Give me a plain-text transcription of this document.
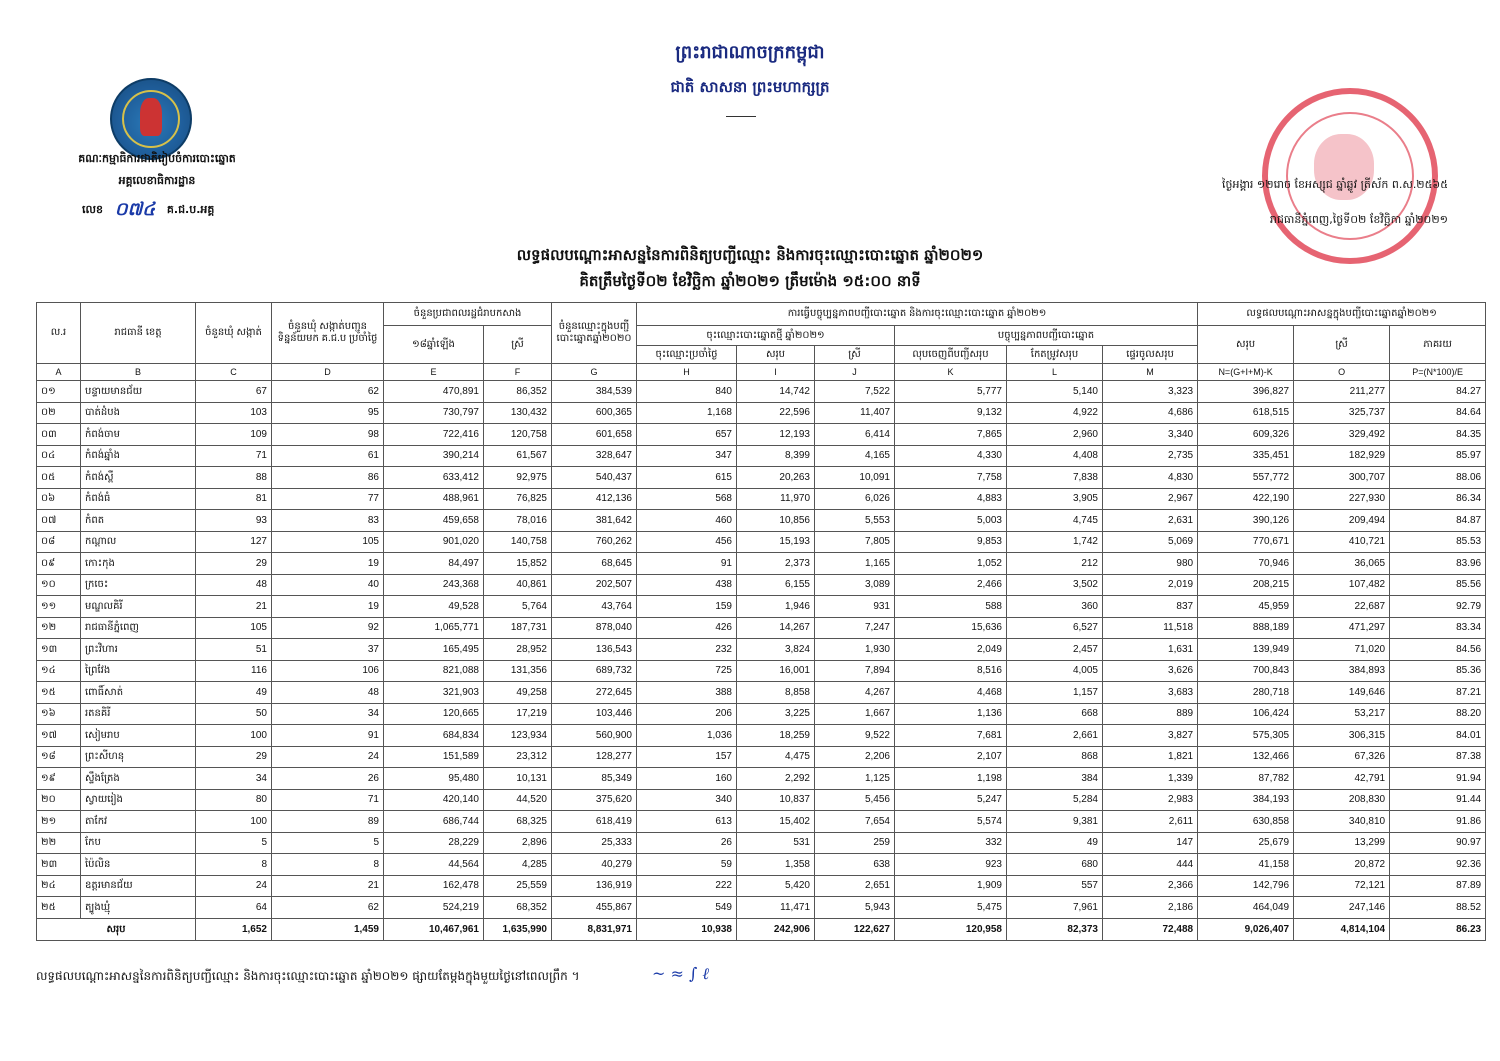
ព្រះរាជាណាចក្រកម្ពុជា
ជាតិ សាសនា ព្រះមហាក្សត្រ
គណៈកម្មាធិការជាតិរៀបចំការបោះឆ្នោត
អគ្គលេខាធិការដ្ឋាន
លេខ ០៧៤ គ.ជ.ប.អគ្គ
ថ្ងៃអង្គារ ១២រោច ខែអស្សុជ ឆ្នាំឆ្លូវ ត្រីស័ក ព.ស.២៥៦៥
រាជធានីភ្នំពេញ,ថ្ងៃទី០២ ខែវិច្ឆិកា ឆ្នាំ២០២១
លទ្ធផលបណ្ដោះអាសន្ននៃការពិនិត្យបញ្ជីឈ្មោះ និងការចុះឈ្មោះបោះឆ្នោត ឆ្នាំ២០២១
គិតត្រឹមថ្ងៃទី០២ ខែវិច្ឆិកា ឆ្នាំ២០២១ ត្រឹមម៉ោង ១៥:០០ នាទី
ល.រ	រាជធានី ខេត្ត	ចំនួនឃុំ សង្កាត់	ចំនួនឃុំ សង្កាត់បញ្ជូនទិន្នន័យមក គ.ជ.ប ប្រចាំថ្ងៃ	ចំនួនប្រជាពលរដ្ឋជំរាបកសាង		ចំនួនឈ្មោះក្នុងបញ្ជីបោះឆ្នោតឆ្នាំ២០២០	ការធ្វើបច្ចុប្បន្នភាពបញ្ជីបោះឆ្នោត និងការចុះឈ្មោះបោះឆ្នោត ឆ្នាំ២០២១						លទ្ធផលបណ្ដោះអាសន្នក្នុងបញ្ជីបោះឆ្នោតឆ្នាំ២០២១		
				១៨ឆ្នាំឡើង	ស្រី		ចុះឈ្មោះបោះឆ្នោតថ្មី ឆ្នាំ២០២១			បច្ចុប្បន្នភាពបញ្ជីបោះឆ្នោត			សរុប	ស្រី	ភាគរយ
							ចុះឈ្មោះប្រចាំថ្ងៃ	សរុប	ស្រី	លុបចេញពីបញ្ជីសរុប	កែតម្រូវសរុប	ផ្ទេរចូលសរុប			
A	B	C	D	E	F	G	H	I	J	K	L	M	N=(G+I+M)-K	O	P=(N*100)/E
០១	បន្ទាយមានជ័យ	67	62	470,891	86,352	384,539	840	14,742	7,522	5,777	5,140	3,323	396,827	211,277	84.27
០២	បាត់ដំបង	103	95	730,797	130,432	600,365	1,168	22,596	11,407	9,132	4,922	4,686	618,515	325,737	84.64
០៣	កំពង់ចាម	109	98	722,416	120,758	601,658	657	12,193	6,414	7,865	2,960	3,340	609,326	329,492	84.35
០៤	កំពង់ឆ្នាំង	71	61	390,214	61,567	328,647	347	8,399	4,165	4,330	4,408	2,735	335,451	182,929	85.97
០៥	កំពង់ស្ពឺ	88	86	633,412	92,975	540,437	615	20,263	10,091	7,758	7,838	4,830	557,772	300,707	88.06
០៦	កំពង់ធំ	81	77	488,961	76,825	412,136	568	11,970	6,026	4,883	3,905	2,967	422,190	227,930	86.34
០៧	កំពត	93	83	459,658	78,016	381,642	460	10,856	5,553	5,003	4,745	2,631	390,126	209,494	84.87
០៨	កណ្ដាល	127	105	901,020	140,758	760,262	456	15,193	7,805	9,853	1,742	5,069	770,671	410,721	85.53
០៩	កោះកុង	29	19	84,497	15,852	68,645	91	2,373	1,165	1,052	212	980	70,946	36,065	83.96
១០	ក្រចេះ	48	40	243,368	40,861	202,507	438	6,155	3,089	2,466	3,502	2,019	208,215	107,482	85.56
១១	មណ្ឌលគិរី	21	19	49,528	5,764	43,764	159	1,946	931	588	360	837	45,959	22,687	92.79
១២	រាជធានីភ្នំពេញ	105	92	1,065,771	187,731	878,040	426	14,267	7,247	15,636	6,527	11,518	888,189	471,297	83.34
១៣	ព្រះវិហារ	51	37	165,495	28,952	136,543	232	3,824	1,930	2,049	2,457	1,631	139,949	71,020	84.56
១៤	ព្រៃវែង	116	106	821,088	131,356	689,732	725	16,001	7,894	8,516	4,005	3,626	700,843	384,893	85.36
១៥	ពោធិ៍សាត់	49	48	321,903	49,258	272,645	388	8,858	4,267	4,468	1,157	3,683	280,718	149,646	87.21
១៦	រតនគិរី	50	34	120,665	17,219	103,446	206	3,225	1,667	1,136	668	889	106,424	53,217	88.20
១៧	សៀមរាប	100	91	684,834	123,934	560,900	1,036	18,259	9,522	7,681	2,661	3,827	575,305	306,315	84.01
១៨	ព្រះសីហនុ	29	24	151,589	23,312	128,277	157	4,475	2,206	2,107	868	1,821	132,466	67,326	87.38
១៩	ស្ទឹងត្រែង	34	26	95,480	10,131	85,349	160	2,292	1,125	1,198	384	1,339	87,782	42,791	91.94
២០	ស្វាយរៀង	80	71	420,140	44,520	375,620	340	10,837	5,456	5,247	5,284	2,983	384,193	208,830	91.44
២១	តាកែវ	100	89	686,744	68,325	618,419	613	15,402	7,654	5,574	9,381	2,611	630,858	340,810	91.86
២២	កែប	5	5	28,229	2,896	25,333	26	531	259	332	49	147	25,679	13,299	90.97
២៣	ប៉ៃលិន	8	8	44,564	4,285	40,279	59	1,358	638	923	680	444	41,158	20,872	92.36
២៤	ឧត្តរមានជ័យ	24	21	162,478	25,559	136,919	222	5,420	2,651	1,909	557	2,366	142,796	72,121	87.89
២៥	ត្បូងឃ្មុំ	64	62	524,219	68,352	455,867	549	11,471	5,943	5,475	7,961	2,186	464,049	247,146	88.52
សរុប		1,652	1,459	10,467,961	1,635,990	8,831,971	10,938	242,906	122,627	120,958	82,373	72,488	9,026,407	4,814,104	86.23
លទ្ធផលបណ្ដោះអាសន្ននៃការពិនិត្យបញ្ជីឈ្មោះ និងការចុះឈ្មោះបោះឆ្នោត ឆ្នាំ២០២១ ផ្សាយតែម្ដងក្នុងមួយថ្ងៃនៅពេលព្រឹក ។	~ ≈ ∫ ℓ
